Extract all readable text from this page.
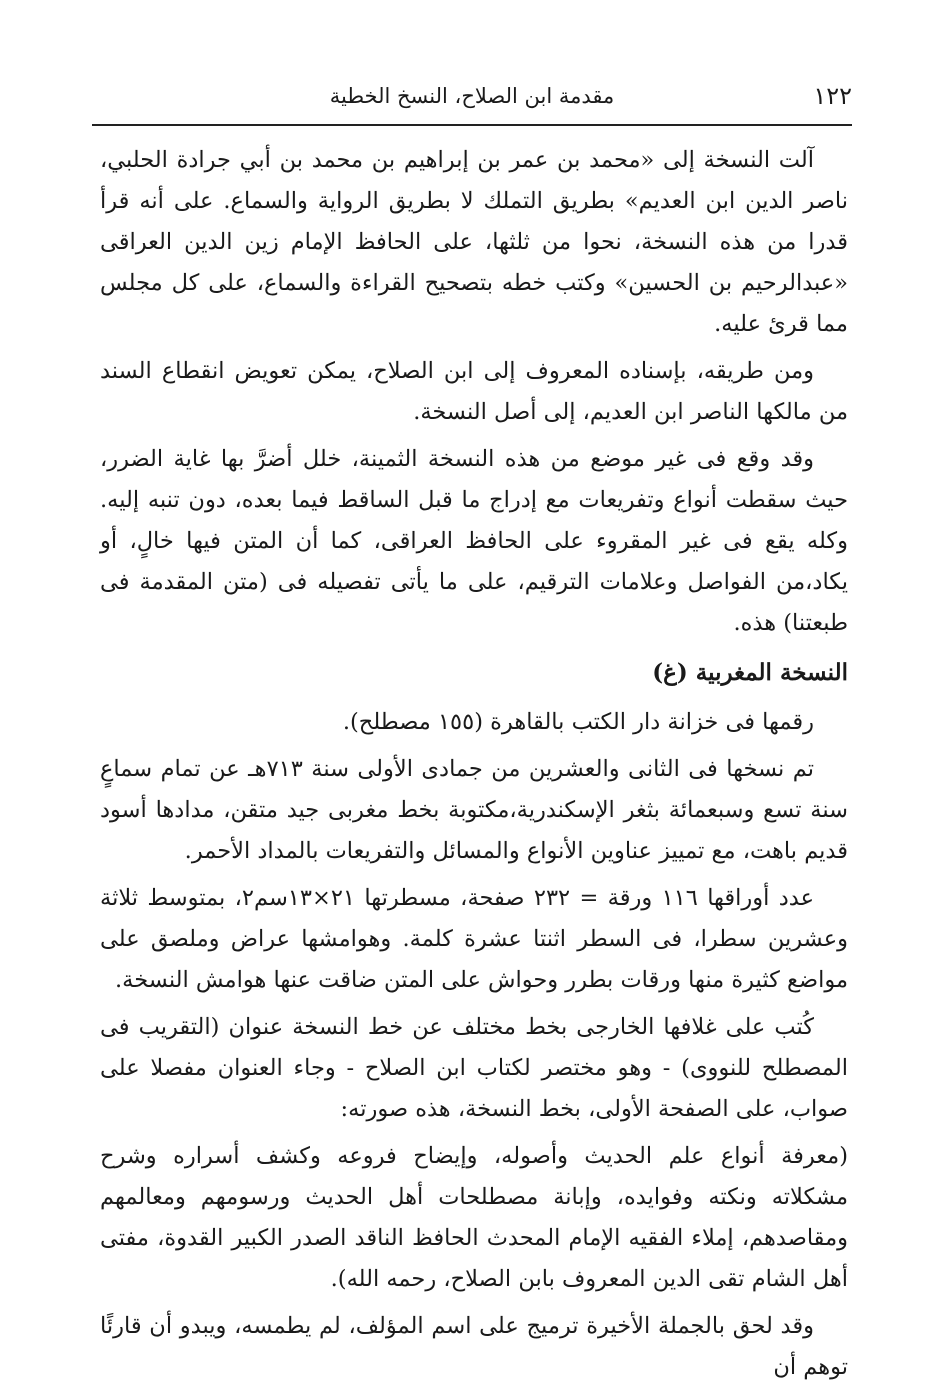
١٢٢
مقدمة ابن الصلاح، النسخ الخطية

آلت النسخة إلى «محمد بن عمر بن إبراهيم بن محمد بن أبي جرادة الحلبي، ناصر الدين ابن العديم» بطريق التملك لا بطريق الرواية والسماع. على أنه قرأ قدرا من هذه النسخة، نحوا من ثلثها، على الحافظ الإمام زين الدين العراقى «عبدالرحيم بن الحسين» وكتب خطه بتصحيح القراءة والسماع، على كل مجلس مما قرئ عليه.

ومن طريقه، بإسناده المعروف إلى ابن الصلاح، يمكن تعويض انقطاع السند من مالكها الناصر ابن العديم، إلى أصل النسخة.

وقد وقع فى غير موضع من هذه النسخة الثمينة، خلل أضرَّ بها غاية الضرر، حيث سقطت أنواع وتفريعات مع إدراج ما قبل الساقط فيما بعده، دون تنبه إليه. وكله يقع فى غير المقروء على الحافظ العراقى، كما أن المتن فيها خالٍ، أو يكاد،من الفواصل وعلامات الترقيم، على ما يأتى تفصيله فى (متن المقدمة فى طبعتنا) هذه.

النسخة المغربية (غ)

رقمها فى خزانة دار الكتب بالقاهرة (١٥٥ مصطلح).

تم نسخها فى الثانى والعشرين من جمادى الأولى سنة ٧١٣هـ عن تمام سماعٍ سنة تسع وسبعمائة بثغر الإسكندرية،مكتوبة بخط مغربى جيد متقن، مدادها أسود قديم باهت، مع تمييز عناوين الأنواع والمسائل والتفريعات بالمداد الأحمر.

عدد أوراقها ١١٦ ورقة = ٢٣٢ صفحة، مسطرتها ٢١×١٣سم٢، بمتوسط ثلاثة وعشرين سطرا، فى السطر اثنتا عشرة كلمة. وهوامشها عراض وملصق على مواضع كثيرة منها ورقات بطرر وحواش على المتن ضاقت عنها هوامش النسخة.

كُتب على غلافها الخارجى بخط مختلف عن خط النسخة عنوان (التقريب فى المصطلح للنووى) - وهو مختصر لكتاب ابن الصلاح - وجاء العنوان مفصلا على صواب، على الصفحة الأولى، بخط النسخة، هذه صورته:

(معرفة أنواع علم الحديث وأصوله، وإيضاح فروعه وكشف أسراره وشرح مشكلاته ونكته وفوايده، وإبانة مصطلحات أهل الحديث ورسومهم ومعالمهم ومقاصدهم، إملاء الفقيه الإمام المحدث الحافظ الناقد الصدر الكبير القدوة، مفتى أهل الشام تقى الدين المعروف بابن الصلاح، رحمه الله).

وقد لحق بالجملة الأخيرة ترميج على اسم المؤلف، لم يطمسه، ويبدو أن قارئًا توهم أن
